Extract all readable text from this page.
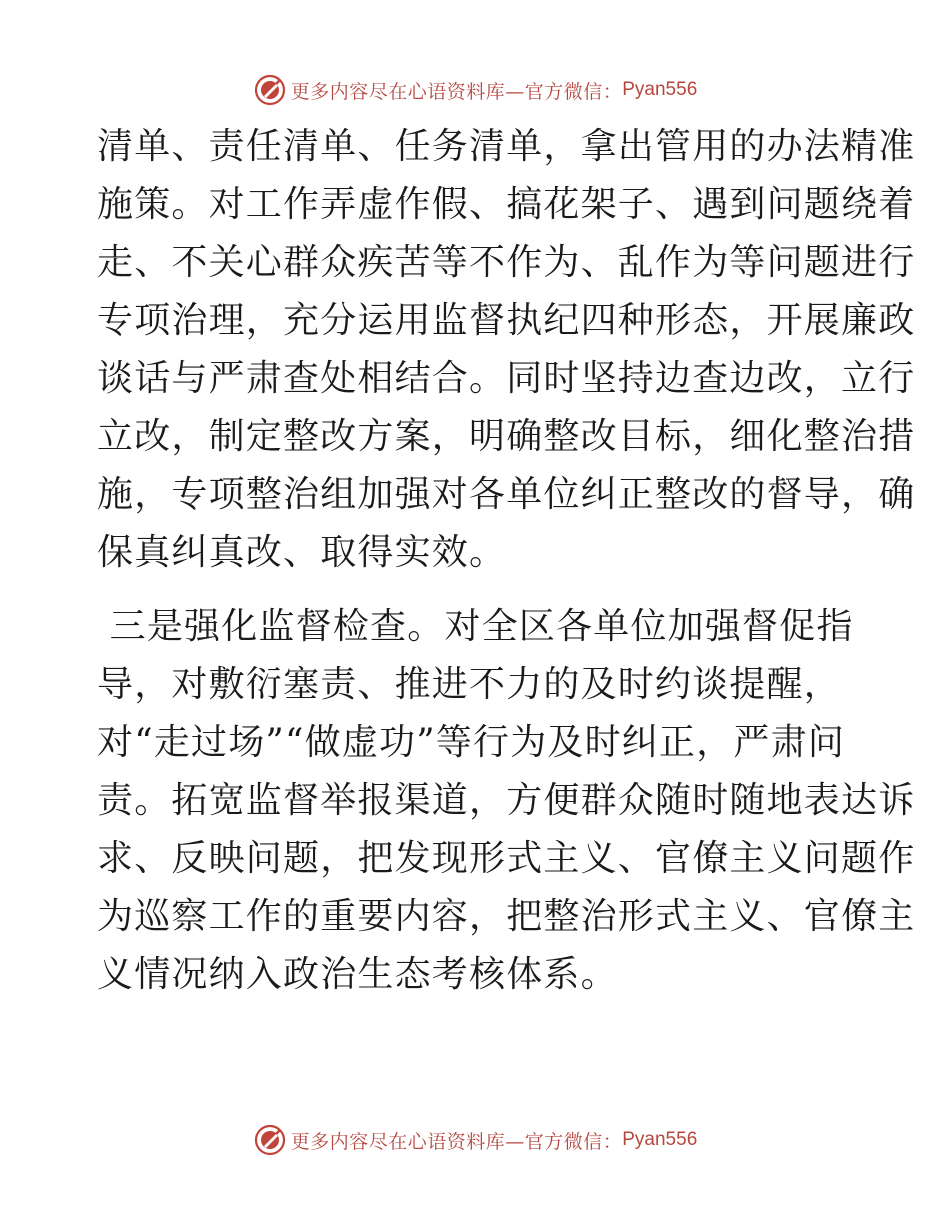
更多内容尽在心语资料库—官方微信： Pyan556
清单、责任清单、任务清单，拿出管用的办法精准
施策。对工作弄虚作假、搞花架子、遇到问题绕着
走、不关心群众疾苦等不作为、乱作为等问题进行
专项治理，充分运用监督执纪四种形态，开展廉政
谈话与严肃查处相结合。同时坚持边查边改，立行
立改，制定整改方案，明确整改目标，细化整治措
施，专项整治组加强对各单位纠正整改的督导，确
保真纠真改、取得实效。
三是强化监督检查。对全区各单位加强督促指
导，对敷衍塞责、推进不力的及时约谈提醒，
对“走过场”“做虚功”等行为及时纠正，严肃问
责。拓宽监督举报渠道，方便群众随时随地表达诉
求、反映问题，把发现形式主义、官僚主义问题作
为巡察工作的重要内容，把整治形式主义、官僚主
义情况纳入政治生态考核体系。
更多内容尽在心语资料库—官方微信： Pyan556
